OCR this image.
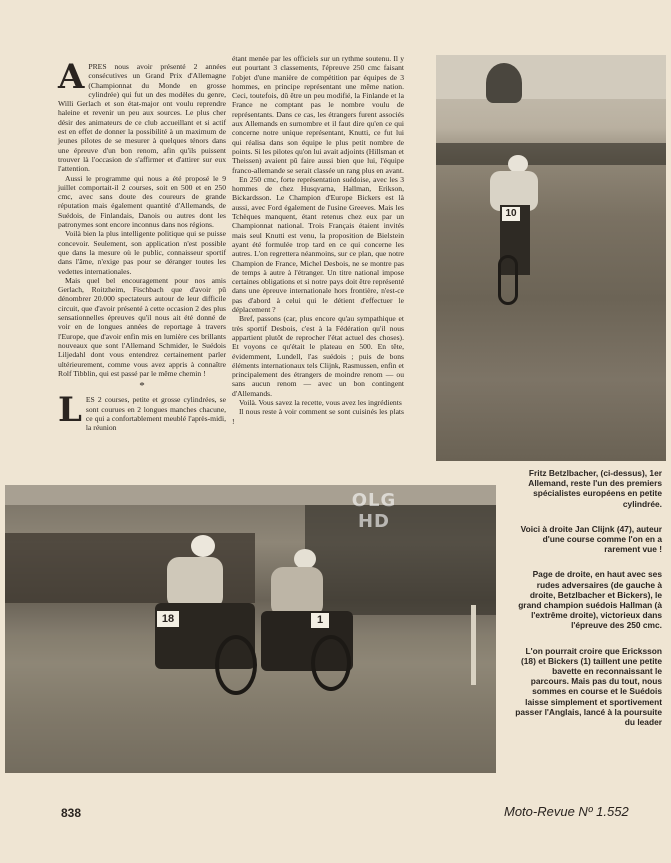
APRES nous avoir présenté 2 années consécutives un Grand Prix d'Allemagne (Championnat du Monde en grosse cylindrée) qui fut un des modèles du genre, Willi Gerlach et son état-major ont voulu reprendre haleine et revenir un peu aux sources. Le plus cher désir des animateurs de ce club accueillant et si actif est en effet de donner la possibilité à un maximum de jeunes pilotes de se mesurer à quelques ténors dans une épreuve d'un bon renom, afin qu'ils puissent trouver là l'occasion de s'affirmer et d'attirer sur eux l'attention.

Aussi le programme qui nous a été proposé le 9 juillet comportait-il 2 courses, soit en 500 et en 250 cmc, avec sans doute des coureurs de grande réputation mais également quantité d'Allemands, de Suédois, de Finlandais, Danois ou autres dont les patronymes sont encore inconnus dans nos régions.

Voilà bien la plus intelligente politique qui se puisse concevoir. Seulement, son application n'est possible que dans la mesure où le public, connaisseur sportif dans l'âme, n'exige pas pour se déranger toutes les vedettes internationales.

Mais quel bel encouragement pour nos amis Gerlach, Roitzheim, Fischbach que d'avoir pû dénombrer 20.000 spectateurs autour de leur difficile circuit, que d'avoir présenté à cette occasion 2 des plus sensationnelles épreuves qu'il nous ait été donné de voir en de longues années de reportage à travers l'Europe, que d'avoir enfin mis en lumière ces brillants nouveaux que sont l'Allemand Schmider, le Suédois Liljedahl dont vous entendrez certainement parler ultérieurement, comme vous avez appris à connaître Rolf Tibblin, qui est passé par le même chemin !

*

LES 2 courses, petite et grosse cylindrées, se sont courues en 2 longues manches chacune, ce qui a confortablement meublé l'après-midi, la réunion

étant menée par les officiels sur un rythme soutenu. Il y eut pourtant 3 classements, l'épreuve 250 cmc faisant l'objet d'une manière de compétition par équipes de 3 hommes, en principe représentant une même nation. Ceci, toutefois, dû être un peu modifié, la Finlande et la France ne comptant pas le nombre voulu de représentants. Dans ce cas, les étrangers furent associés aux Allemands en surnombre et il faut dire qu'en ce qui concerne notre unique représentant, Knutti, ce fut lui qui réalisa dans son équipe le plus petit nombre de points. Si les pilotes qu'on lui avait adjoints (Hillsman et Theissen) avaient pû faire aussi bien que lui, l'équipe franco-allemande se serait classée un rang plus en avant.

En 250 cmc, forte représentation suédoise, avec les 3 hommes de chez Husqvarna, Hallman, Erikson, Bickardsson. Le Champion d'Europe Bickers est là aussi, avec Ford également de l'usine Greeves. Mais les Tchèques manquent, étant retenus chez eux par un Championnat national. Trois Français étaient invités mais seul Knutti est venu, la proposition de Bielstein ayant été formulée trop tard en ce qui concerne les autres. L'on regrettera néanmoins, sur ce plan, que notre Champion de France, Michel Desbois, ne se montre pas de temps à autre à l'étranger. Un titre national impose certaines obligations et si notre pays doit être représenté dans une épreuve internationale hors frontière, n'est-ce pas d'abord à celui qui le détient d'effectuer le déplacement ?

Bref, passons (car, plus encore qu'au sympathique et très sportif Desbois, c'est à la Fédération qu'il nous appartient plutôt de reprocher l'état actuel des choses). Et voyons ce qu'était le plateau en 500. En tête, évidemment, Lundell, l'as suédois ; puis de bons éléments internationaux tels Clijnk, Rasmussen, enfin et principalement des étrangers de moindre renom — ou sans aucun renom — avec un bon contingent d'Allemands.

Voilà. Vous savez la recette, vous avez les ingrédients

Il nous reste à voir comment se sont cuisinés les plats !

10
18	1
OLG
HD

Fritz Betzlbacher, (ci-dessus), 1er Allemand, reste l'un des premiers spécialistes européens en petite cylindrée.

Voici à droite Jan Clijnk (47), auteur d'une course comme l'on en a rarement vue !

Page de droite, en haut avec ses rudes adversaires (de gauche à droite, Betzlbacher et Bickers), le grand champion suédois Hallman (à l'extrême droite), victorieux dans l'épreuve des 250 cmc.

L'on pourrait croire que Ericksson (18) et Bickers (1) taillent une petite bavette en reconnaissant le parcours. Mais pas du tout, nous sommes en course et le Suédois laisse simplement et sportivement passer l'Anglais, lancé à la poursuite du leader

838	Moto-Revue Nº 1.552
